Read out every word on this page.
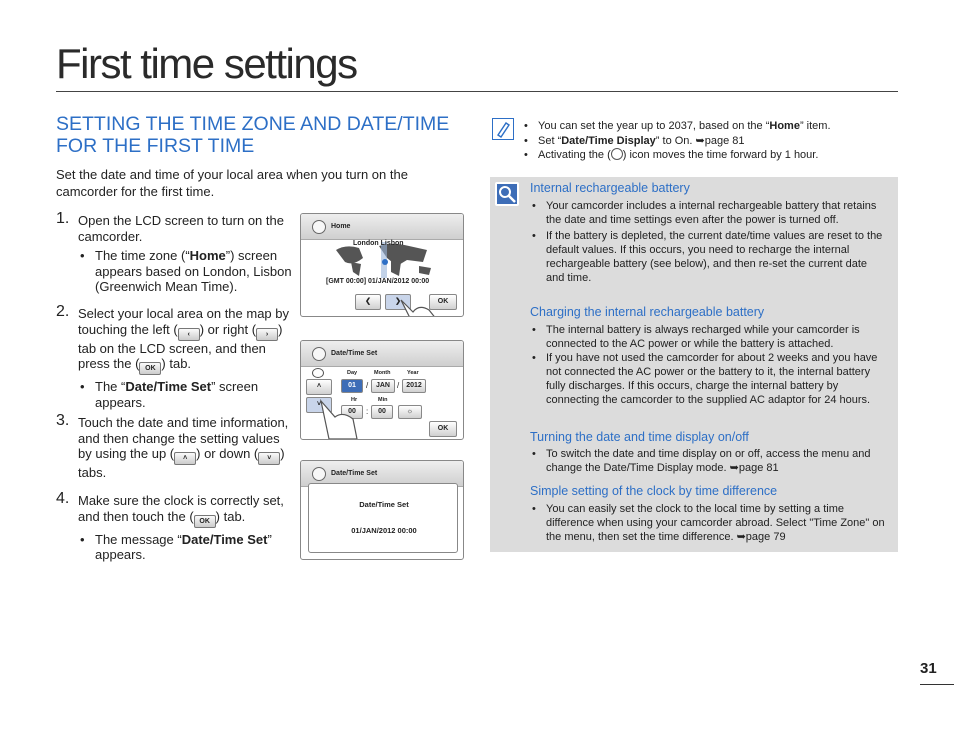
First time settings
SETTING THE TIME ZONE AND DATE/TIME FOR THE FIRST TIME
Set the date and time of your local area when you turn on the camcorder for the first time.
1. Open the LCD screen to turn on the camcorder.
• The time zone (“Home”) screen appears based on London, Lisbon (Greenwich Mean Time).
2. Select your local area on the map by touching the left ( ‹ ) or right ( › ) tab on the LCD screen, and then press the ( OK ) tab.
• The “Date/Time Set” screen appears.
3. Touch the date and time information, and then change the setting values by using the up ( ˄ ) or down ( ˅ ) tabs.
4. Make sure the clock is correctly set, and then touch the ( OK ) tab.
• The message “Date/Time Set” appears.
Home
London Lisbon
[GMT 00:00] 01/JAN/2012 00:00
❮	❯	OK
Date/Time Set
˄
˅
Day	Month	Year
01	/	JAN / 2012
Hr	Min
00	:	00	☼
OK
Date/Time Set
Date/Time Set
01/JAN/2012 00:00
• You can set the year up to 2037, based on the “Home” item.
• Set “Date/Time Display” to On. ➥page 81
• Activating the ( ) icon moves the time forward by 1 hour.
Internal rechargeable battery
• Your camcorder includes a internal rechargeable battery that retains the date and time settings even after the power is turned off.
• If the battery is depleted, the current date/time values are reset to the default values. If this occurs, you need to recharge the internal rechargeable battery (see below), and then re-set the current date and time.
Charging the internal rechargeable battery
• The internal battery is always recharged while your camcorder is connected to the AC power or while the battery is attached.
• If you have not used the camcorder for about 2 weeks and you have not connected the AC power or the battery to it, the internal battery fully discharges. If this occurs, charge the internal battery by connecting the camcorder to the supplied AC adaptor for 24 hours.
Turning the date and time display on/off
• To switch the date and time display on or off, access the menu and change the Date/Time Display mode. ➥page 81
Simple setting of the clock by time difference
• You can easily set the clock to the local time by setting a time difference when using your camcorder abroad. Select "Time Zone" on the menu, then set the time difference. ➥page 79
31
